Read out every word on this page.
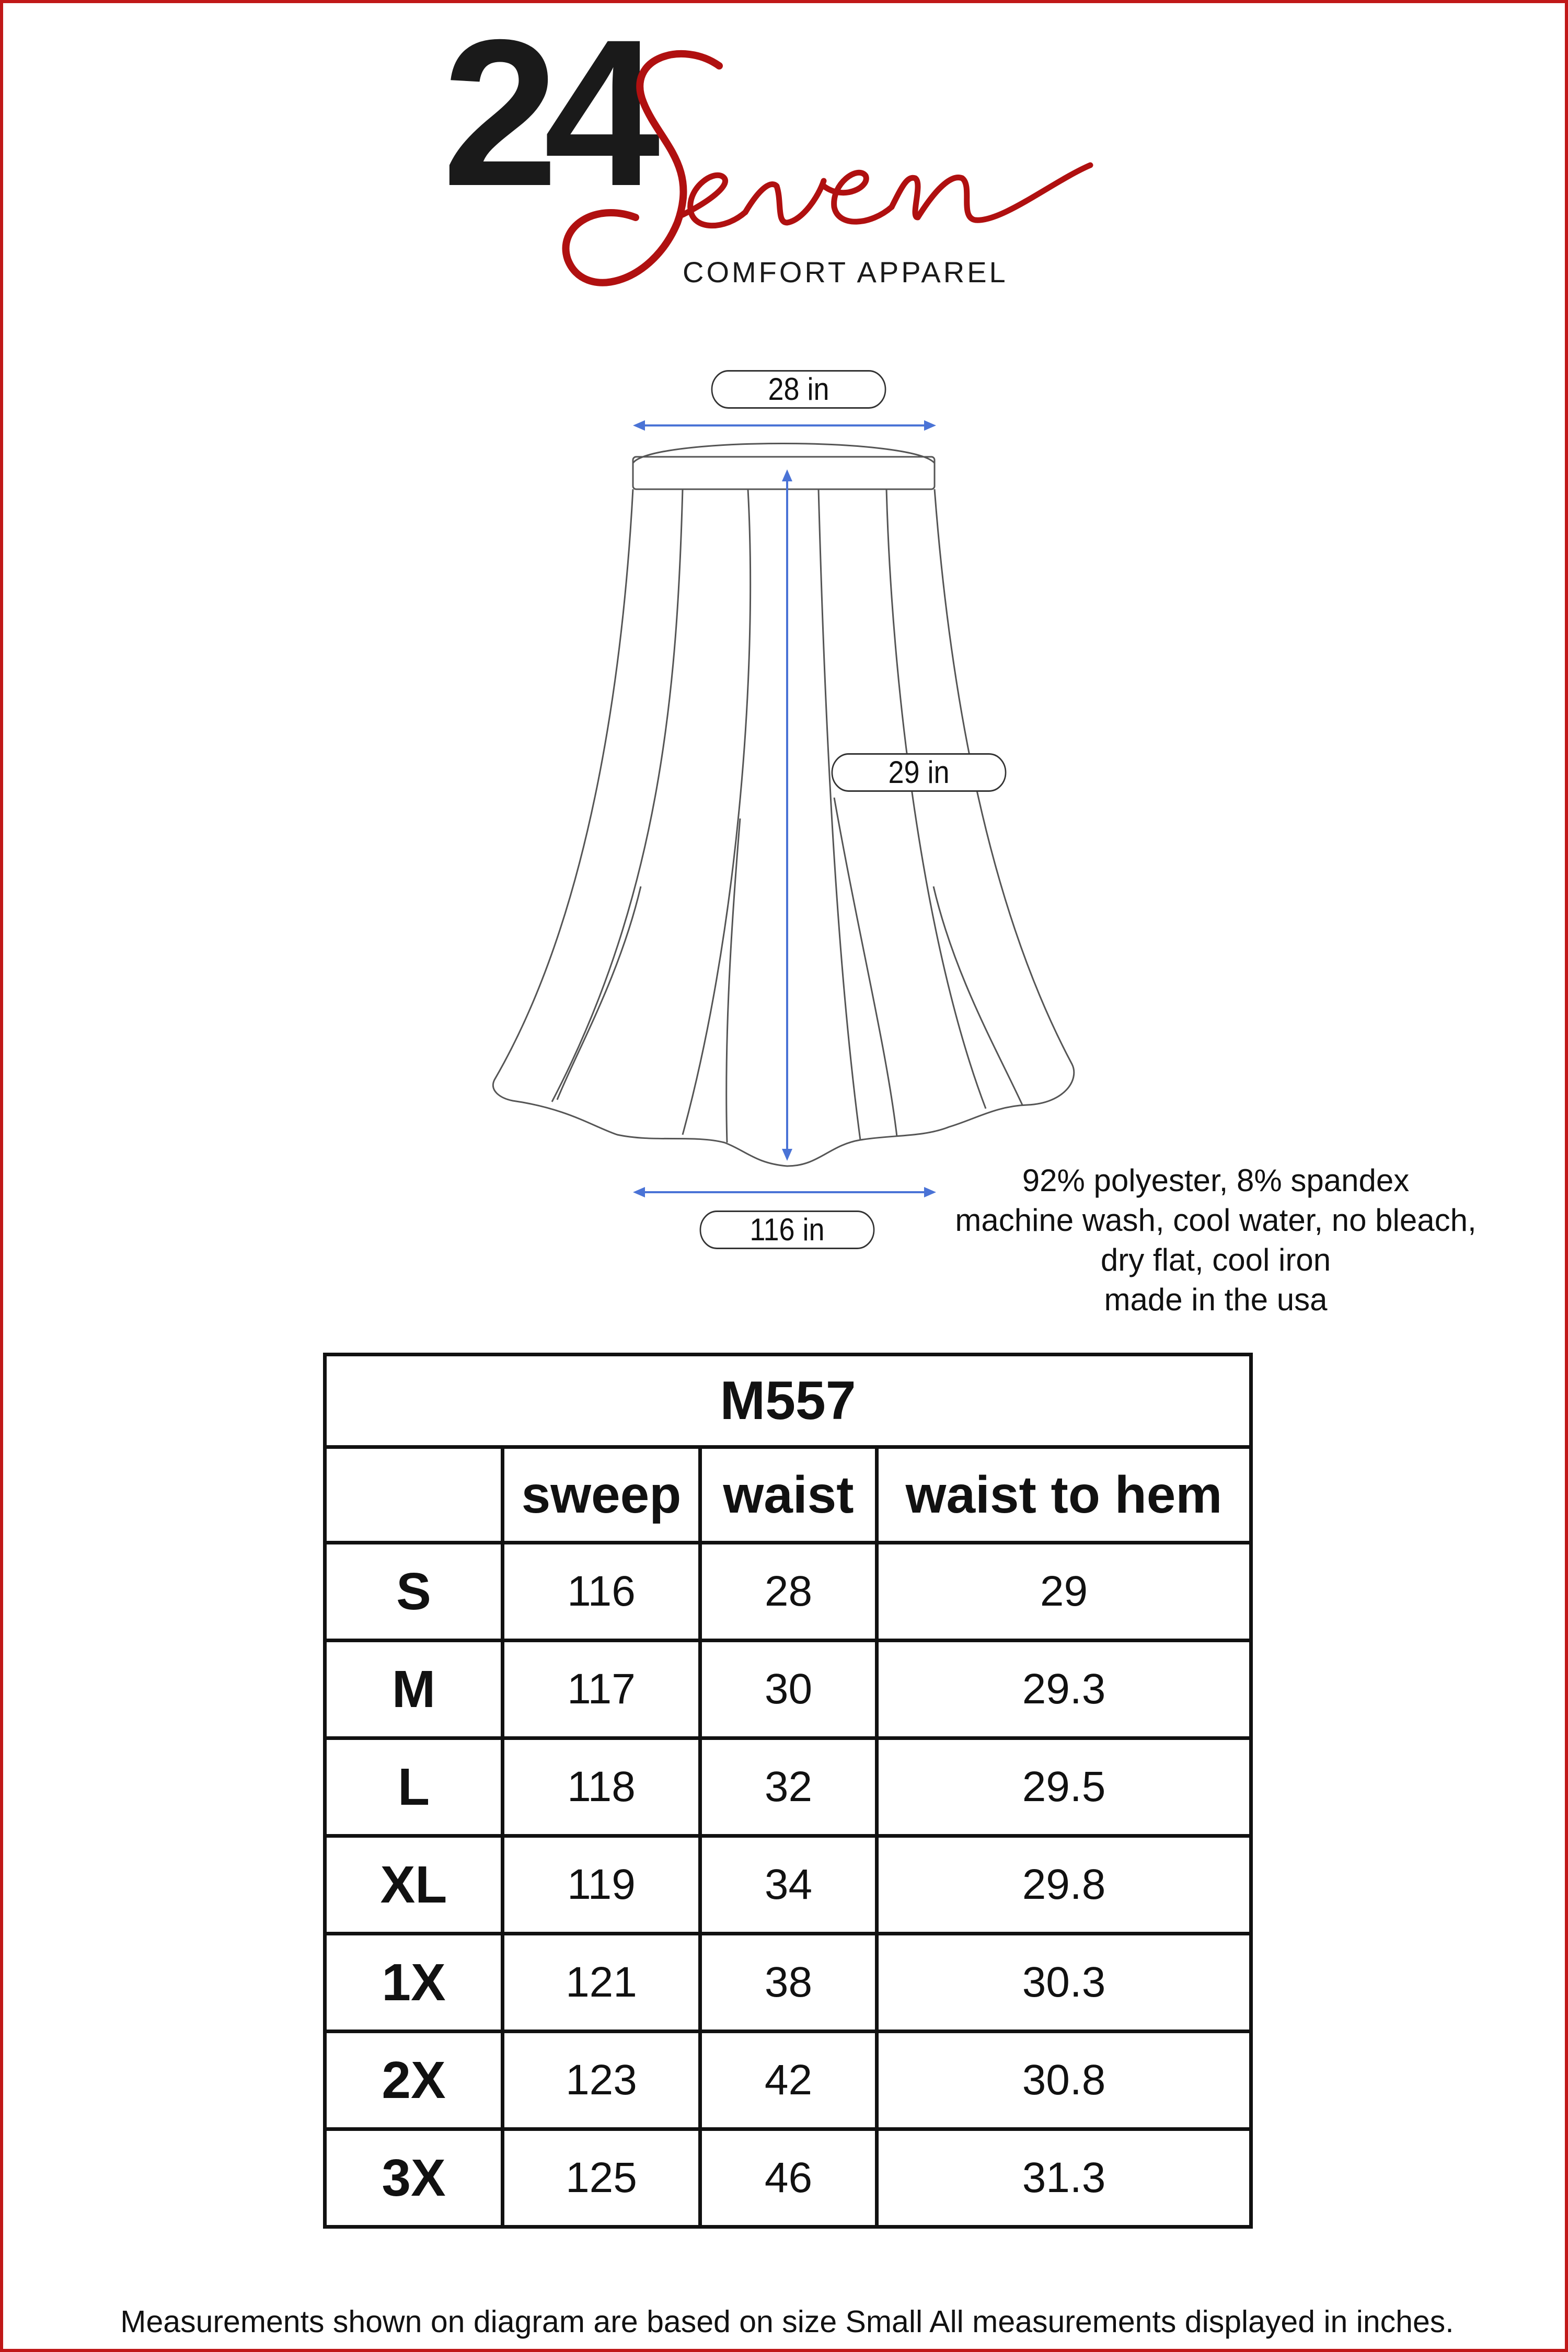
24
COMFORT APPAREL
28 in
29 in
116 in
92% polyester, 8% spandex
machine wash, cool water, no bleach,
dry flat, cool iron
made in the usa
M557			
	sweep	waist	waist to hem
S	116	28	29
M	117	30	29.3
L	118	32	29.5
XL	119	34	29.8
1X	121	38	30.3
2X	123	42	30.8
3X	125	46	31.3
Measurements shown on diagram are based on size Small All measurements displayed in inches.
